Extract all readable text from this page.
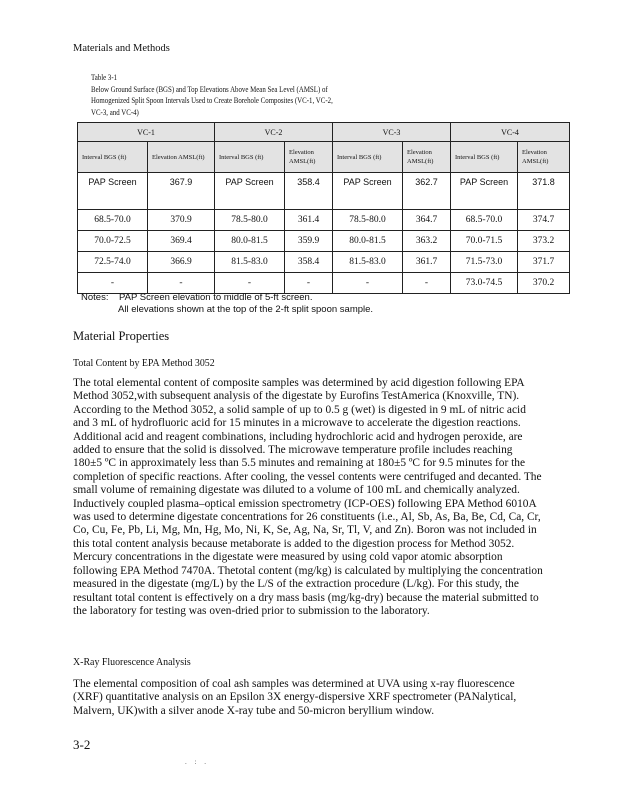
Materials and Methods
Table 3-1
Below Ground Surface (BGS) and Top Elevations Above Mean Sea Level (AMSL) of
Homogenized Split Spoon Intervals Used to Create Borehole Composites (VC-1, VC-2,
VC-3, and VC-4)
VC-1		VC-2		VC-3		VC-4	
Interval BGS (ft)	Elevation AMSL(ft)	Interval BGS (ft)	Elevation AMSL(ft)	Interval BGS (ft)	Elevation AMSL(ft)	Interval BGS (ft)	Elevation AMSL(ft)
PAP Screen	367.9	PAP Screen	358.4	PAP Screen	362.7	PAP Screen	371.8
68.5-70.0	370.9	78.5-80.0	361.4	78.5-80.0	364.7	68.5-70.0	374.7
70.0-72.5	369.4	80.0-81.5	359.9	80.0-81.5	363.2	70.0-71.5	373.2
72.5-74.0	366.9	81.5-83.0	358.4	81.5-83.0	361.7	71.5-73.0	371.7
-	-	-	-	-	-	73.0-74.5	370.2
Notes: PAP Screen elevation to middle of 5-ft screen.
All elevations shown at the top of the 2-ft split spoon sample.
Material Properties
Total Content by EPA Method 3052
The total elemental content of composite samples was determined by acid digestion following EPA Method 3052,with subsequent analysis of the digestate by Eurofins TestAmerica (Knoxville, TN). According to the Method 3052, a solid sample of up to 0.5 g (wet) is digested in 9 mL of nitric acid and 3 mL of hydrofluoric acid for 15 minutes in a microwave to accelerate the digestion reactions. Additional acid and reagent combinations, including hydrochloric acid and hydrogen peroxide, are added to ensure that the solid is dissolved. The microwave temperature profile includes reaching 180±5 ºC in approximately less than 5.5 minutes and remaining at 180±5 ºC for 9.5 minutes for the completion of specific reactions. After cooling, the vessel contents were centrifuged and decanted. The small volume of remaining digestate was diluted to a volume of 100 mL and chemically analyzed. Inductively coupled plasma–optical emission spectrometry (ICP-OES) following EPA Method 6010A was used to determine digestate concentrations for 26 constituents (i.e., Al, Sb, As, Ba, Be, Cd, Ca, Cr, Co, Cu, Fe, Pb, Li, Mg, Mn, Hg, Mo, Ni, K, Se, Ag, Na, Sr, Tl, V, and Zn). Boron was not included in this total content analysis because metaborate is added to the digestion process for Method 3052. Mercury concentrations in the digestate were measured by using cold vapor atomic absorption following EPA Method 7470A. Thetotal content (mg/kg) is calculated by multiplying the concentration measured in the digestate (mg/L) by the L/S of the extraction procedure (L/kg). For this study, the resultant total content is effectively on a dry mass basis (mg/kg-dry) because the material submitted to the laboratory for testing was oven-dried prior to submission to the laboratory.
X-Ray Fluorescence Analysis
The elemental composition of coal ash samples was determined at UVA using x-ray fluorescence (XRF) quantitative analysis on an Epsilon 3X energy-dispersive XRF spectrometer (PANalytical, Malvern, UK)with a silver anode X-ray tube and 50-micron beryllium window.
3-2
. : .
